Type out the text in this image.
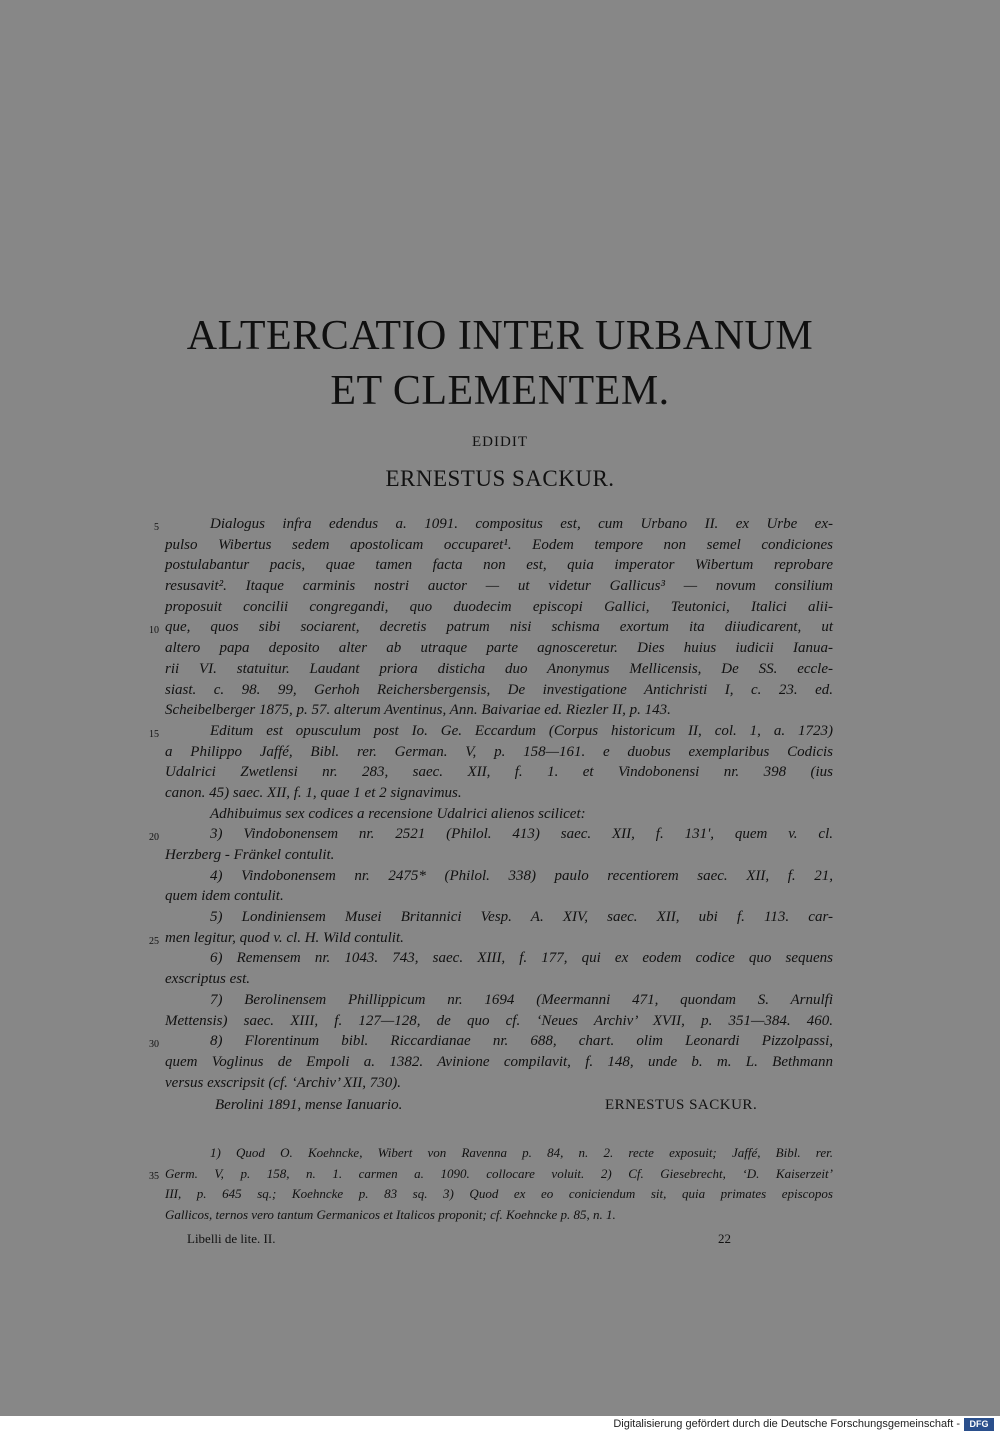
ALTERCATIO INTER URBANUM
ET CLEMENTEM.
EDIDIT
ERNESTUS SACKUR.
5	Dialogus infra edendus a. 1091. compositus est, cum Urbano II. ex Urbe ex-
pulso Wibertus sedem apostolicam occuparet¹. Eodem tempore non semel condiciones
postulabantur pacis, quae tamen facta non est, quia imperator Wibertum reprobare
resusavit². Itaque carminis nostri auctor — ut videtur Gallicus³ — novum consilium
proposuit concilii congregandi, quo duodecim episcopi Gallici, Teutonici, Italici alii-
10 que, quos sibi sociarent, decretis patrum nisi schisma exortum ita diiudicarent, ut
altero papa deposito alter ab utraque parte agnosceretur. Dies huius iudicii Ianua-
rii VI. statuitur. Laudant priora disticha duo Anonymus Mellicensis, De SS. eccle-
siast. c. 98. 99, Gerhoh Reichersbergensis, De investigatione Antichristi I, c. 23. ed.
Scheibelberger 1875, p. 57. alterum Aventinus, Ann. Baivariae ed. Riezler II, p. 143.
15	Editum est opusculum post Io. Ge. Eccardum (Corpus historicum II, col. 1, a. 1723)
a Philippo Jaffé, Bibl. rer. German. V, p. 158—161. e duobus exemplaribus Codicis
Udalrici Zwetlensi nr. 283, saec. XII, f. 1. et Vindobonensi nr. 398 (ius
canon. 45) saec. XII, f. 1, quae 1 et 2 signavimus.
Adhibuimus sex codices a recensione Udalrici alienos scilicet:
20	3) Vindobonensem nr. 2521 (Philol. 413) saec. XII, f. 131', quem v. cl.
Herzberg - Fränkel contulit.
4) Vindobonensem nr. 2475* (Philol. 338) paulo recentiorem saec. XII, f. 21,
quem idem contulit.
5) Londiniensem Musei Britannici Vesp. A. XIV, saec. XII, ubi f. 113. car-
25 men legitur, quod v. cl. H. Wild contulit.
6) Remensem nr. 1043. 743, saec. XIII, f. 177, qui ex eodem codice quo sequens
exscriptus est.
7) Berolinensem Phillippicum nr. 1694 (Meermanni 471, quondam S. Arnulfi
Mettensis) saec. XIII, f. 127—128, de quo cf. ‘Neues Archiv’ XVII, p. 351—384. 460.
30	8) Florentinum bibl. Riccardianae nr. 688, chart. olim Leonardi Pizzolpassi,
quem Voglinus de Empoli a. 1382. Avinione compilavit, f. 148, unde b. m. L. Bethmann
versus exscripsit (cf. ‘Archiv’ XII, 730).
Berolini 1891, mense Ianuario.	ERNESTUS SACKUR.
1) Quod O. Koehncke, Wibert von Ravenna p. 84, n. 2. recte exposuit; Jaffé, Bibl. rer.
35 Germ. V, p. 158, n. 1. carmen a. 1090. collocare voluit. 2) Cf. Giesebrecht, ‘D. Kaiserzeit’
III, p. 645 sq.; Koehncke p. 83 sq. 3) Quod ex eo coniciendum sit, quia primates episcopos
Gallicos, ternos vero tantum Germanicos et Italicos proponit; cf. Koehncke p. 85, n. 1.
Libelli de lite. II.	22
Digitalisierung gefördert durch die Deutsche Forschungsgemeinschaft -	DFG
